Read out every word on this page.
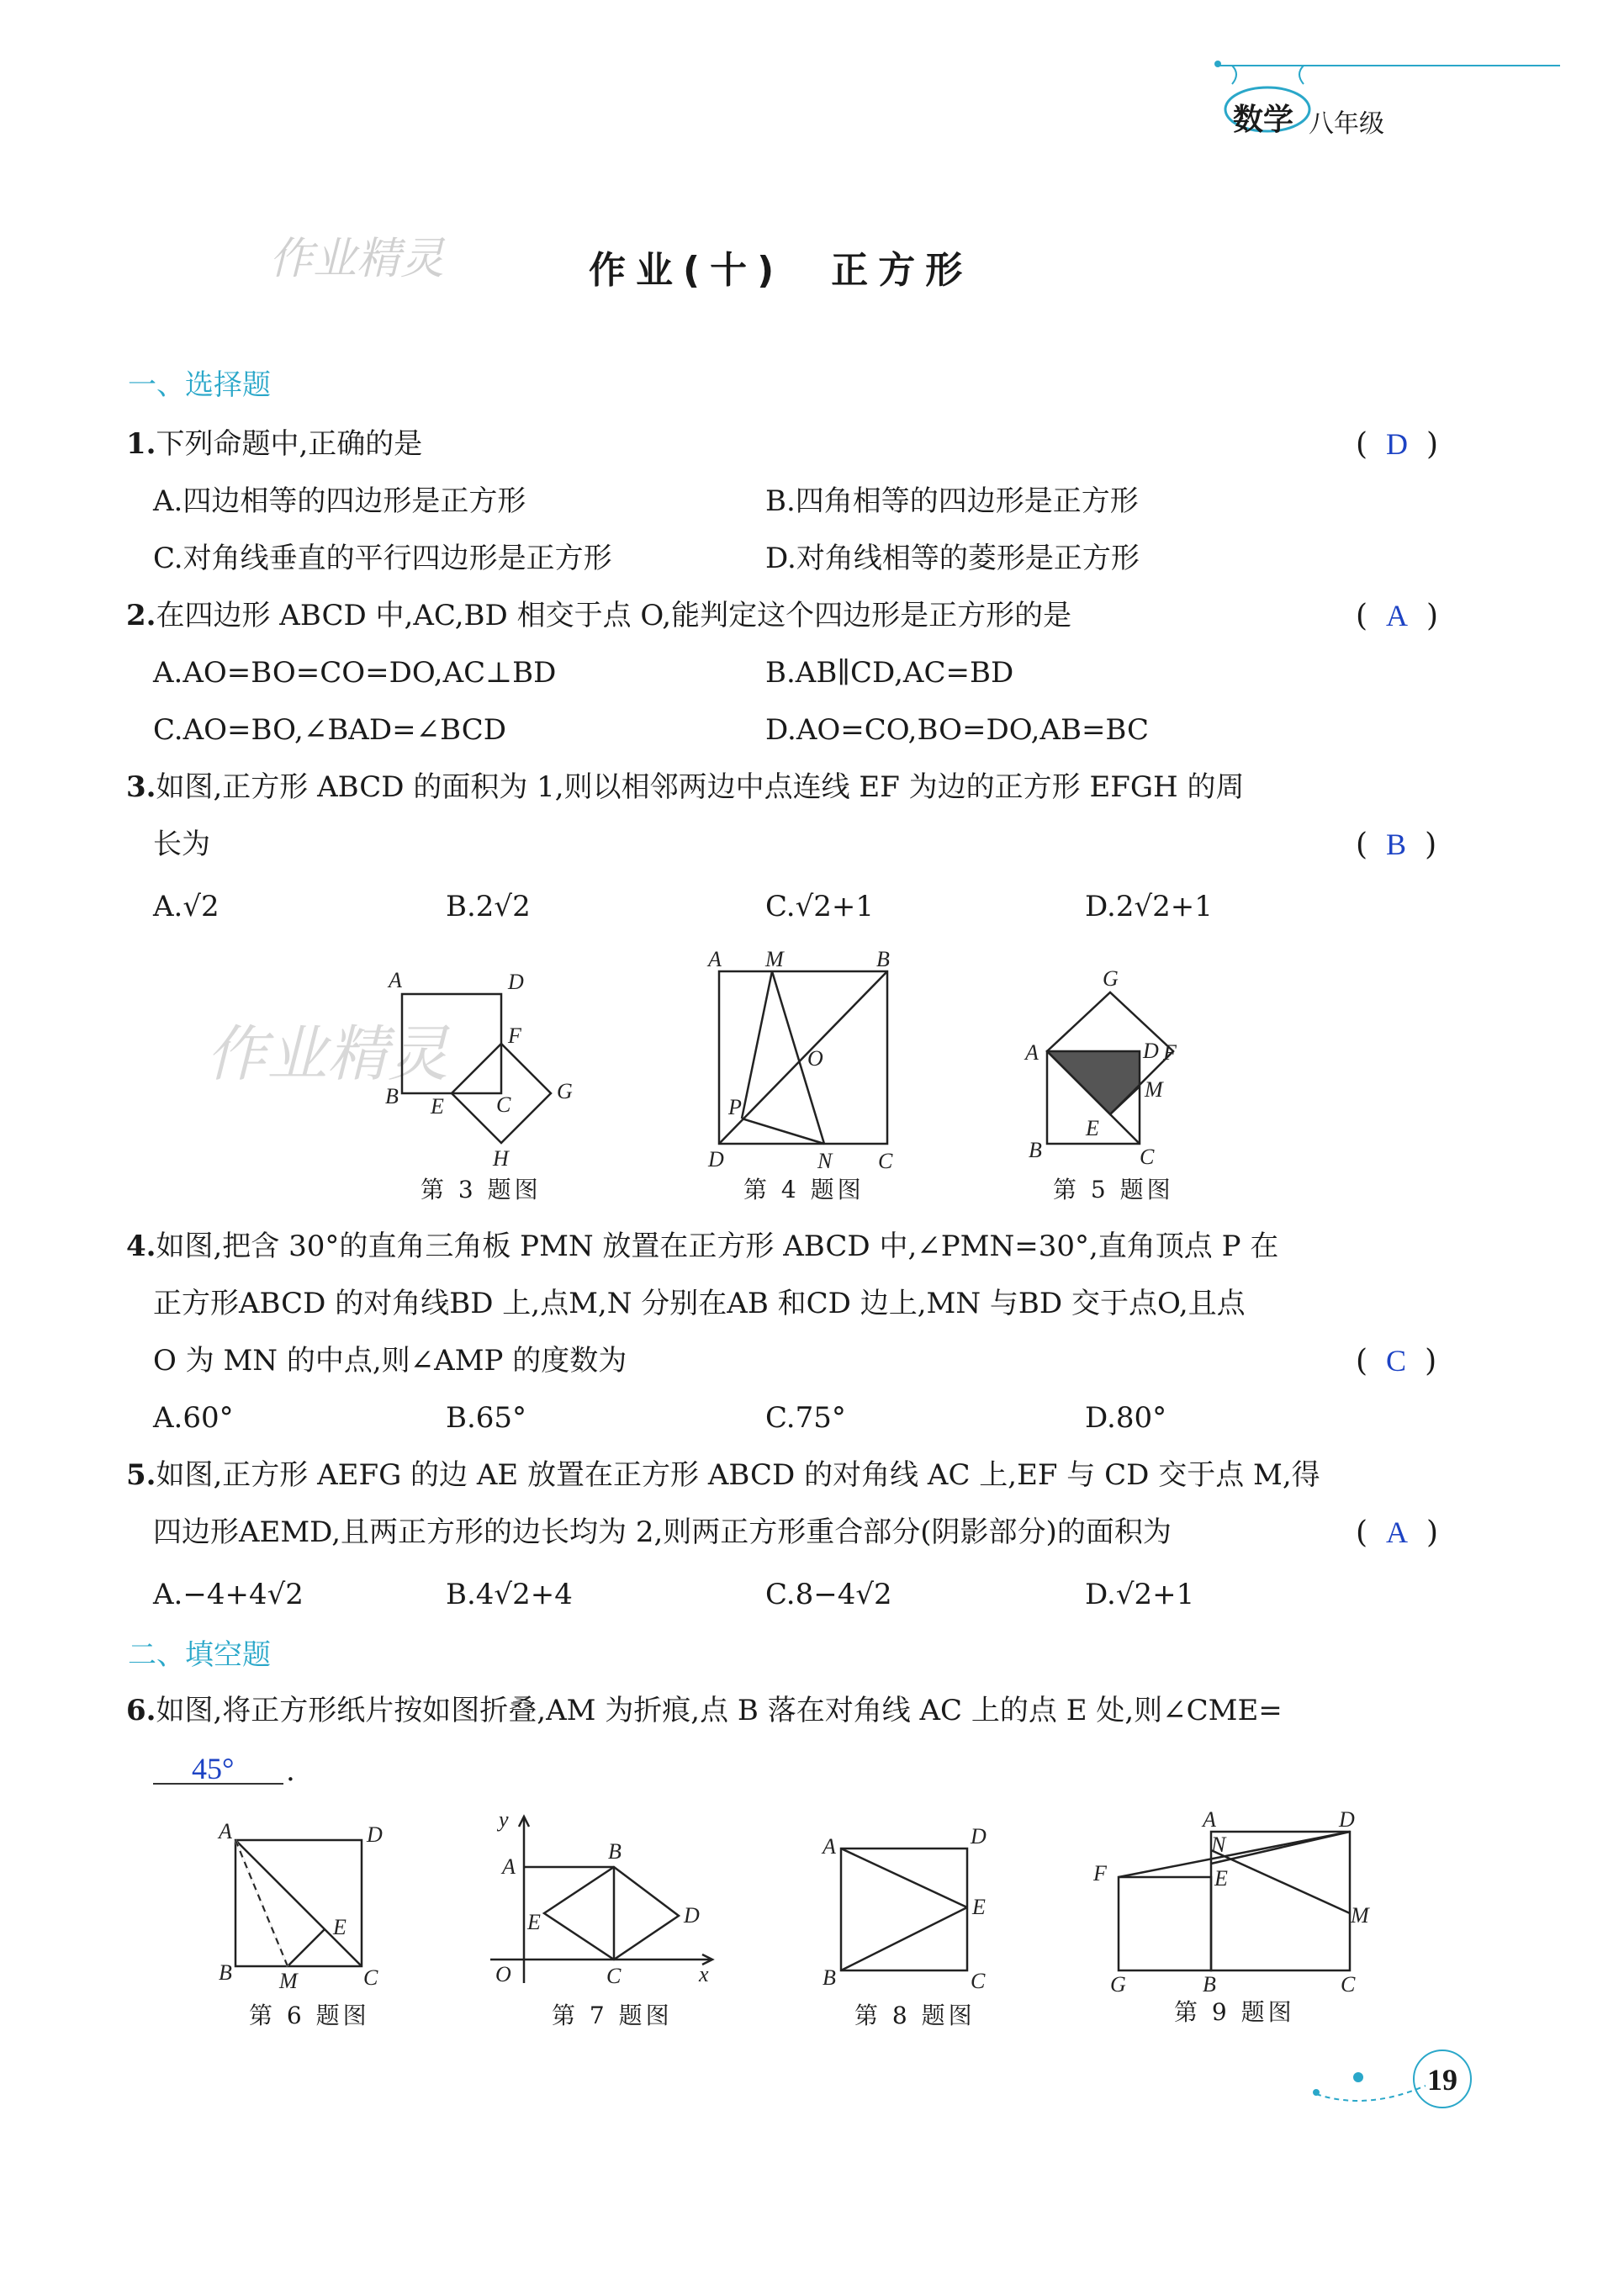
数学 八年级
作业精灵	作业(十)　正方形
一、选择题
1.下列命题中,正确的是	( D )
A.四边相等的四边形是正方形	B.四角相等的四边形是正方形
C.对角线垂直的平行四边形是正方形	D.对角线相等的菱形是正方形
2.在四边形 ABCD 中,AC,BD 相交于点 O,能判定这个四边形是正方形的是	( A )
A.AO=BO=CO=DO,AC⊥BD	B.AB∥CD,AC=BD
C.AO=BO,∠BAD=∠BCD	D.AO=CO,BO=DO,AB=BC
3.如图,正方形 ABCD 的面积为 1,则以相邻两边中点连线 EF 为边的正方形 EFGH 的周
长为	( B )
A.√2	B.2√2	C.√2+1	D.2√2+1
作业精灵
A	D
F
B E C
G
H
第 3 题图
A M	B
O
P
D	N C
第 4 题图
G
A	D F
M
E
B	C
第 5 题图
4.如图,把含 30°的直角三角板 PMN 放置在正方形 ABCD 中,∠PMN=30°,直角顶点 P 在
正方形ABCD 的对角线BD 上,点M,N 分别在AB 和CD 边上,MN 与BD 交于点O,且点
O 为 MN 的中点,则∠AMP 的度数为	( C )
A.60°	B.65°	C.75°	D.80°
5.如图,正方形 AEFG 的边 AE 放置在正方形 ABCD 的对角线 AC 上,EF 与 CD 交于点 M,得
四边形AEMD,且两正方形的边长均为 2,则两正方形重合部分(阴影部分)的面积为	( A )
A.−4+4√2	B.4√2+4	C.8−4√2	D.√2+1
二、填空题
6.如图,将正方形纸片按如图折叠,AM 为折痕,点 B 落在对角线 AC 上的点 E 处,则∠CME=
45° .
A	D
E
B M	C
第 6 题图
y
A
B
D
E
O	C	x
第 7 题图
A	D
E
B	C
第 8 题图
A	D
N
F	E
M
G	B	C
第 9 题图
19
